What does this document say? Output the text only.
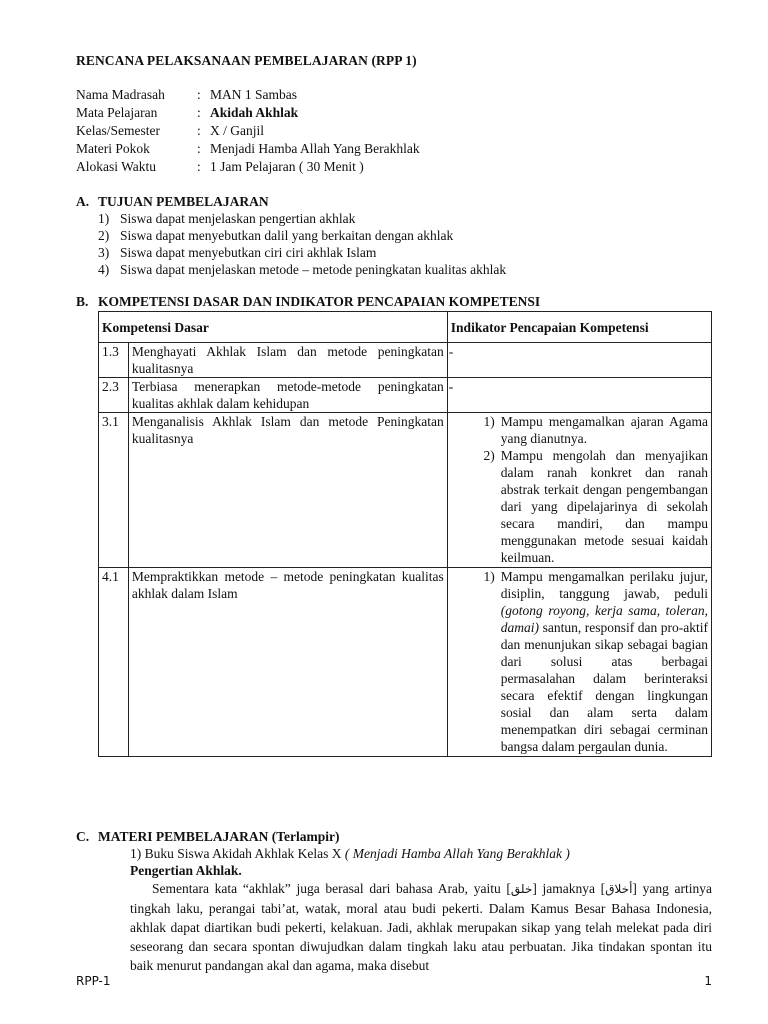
RENCANA PELAKSANAAN PEMBELAJARAN (RPP 1)
Nama Madrasah : MAN 1 Sambas
Mata Pelajaran	: Akidah Akhlak
Kelas/Semester	: X / Ganjil
Materi Pokok	: Menjadi Hamba Allah Yang Berakhlak
Alokasi Waktu	: 1 Jam Pelajaran ( 30 Menit )
A. TUJUAN PEMBELAJARAN
1) Siswa dapat menjelaskan pengertian akhlak
2) Siswa dapat menyebutkan dalil yang berkaitan dengan akhlak
3) Siswa dapat menyebutkan ciri ciri akhlak Islam
4) Siswa dapat menjelaskan metode – metode peningkatan kualitas akhlak
B. KOMPETENSI DASAR DAN INDIKATOR PENCAPAIAN KOMPETENSI
Kompetensi Dasar		Indikator Pencapaian Kompetensi
1.3	Menghayati Akhlak Islam dan metode peningkatan kualitasnya	-
2.3	Terbiasa menerapkan metode-metode peningkatan kualitas akhlak dalam kehidupan	-
3.1	Menganalisis Akhlak Islam dan metode Peningkatan kualitasnya	1) Mampu mengamalkan ajaran Agama yang dianutnya.
2) Mampu mengolah dan menyajikan dalam ranah konkret dan ranah abstrak terkait dengan pengembangan dari yang dipelajarinya di sekolah secara mandiri, dan mampu menggunakan metode sesuai kaidah keilmuan.

4.1	Mempraktikkan metode – metode peningkatan kualitas akhlak dalam Islam	1) Mampu mengamalkan perilaku jujur, disiplin, tanggung jawab, peduli (gotong royong, kerja sama, toleran, damai) santun, responsif dan pro-aktif dan menunjukan sikap sebagai bagian dari solusi atas berbagai permasalahan dalam berinteraksi secara efektif dengan lingkungan sosial dan alam serta dalam menempatkan diri sebagai cerminan bangsa dalam pergaulan dunia.
C. MATERI PEMBELAJARAN (Terlampir)
1) Buku Siswa Akidah Akhlak Kelas X ( Menjadi Hamba Allah Yang Berakhlak )
Pengertian Akhlak.
Sementara kata “akhlak” juga berasal dari bahasa Arab, yaitu [خلق] jamaknya [أخلاق] yang artinya tingkah laku, perangai tabi’at, watak, moral atau budi pekerti. Dalam Kamus Besar Bahasa Indonesia, akhlak dapat diartikan budi pekerti, kelakuan. Jadi, akhlak merupakan sikap yang telah melekat pada diri seseorang dan secara spontan diwujudkan dalam tingkah laku atau perbuatan. Jika tindakan spontan itu baik menurut pandangan akal dan agama, maka disebut
RPP-1	1
